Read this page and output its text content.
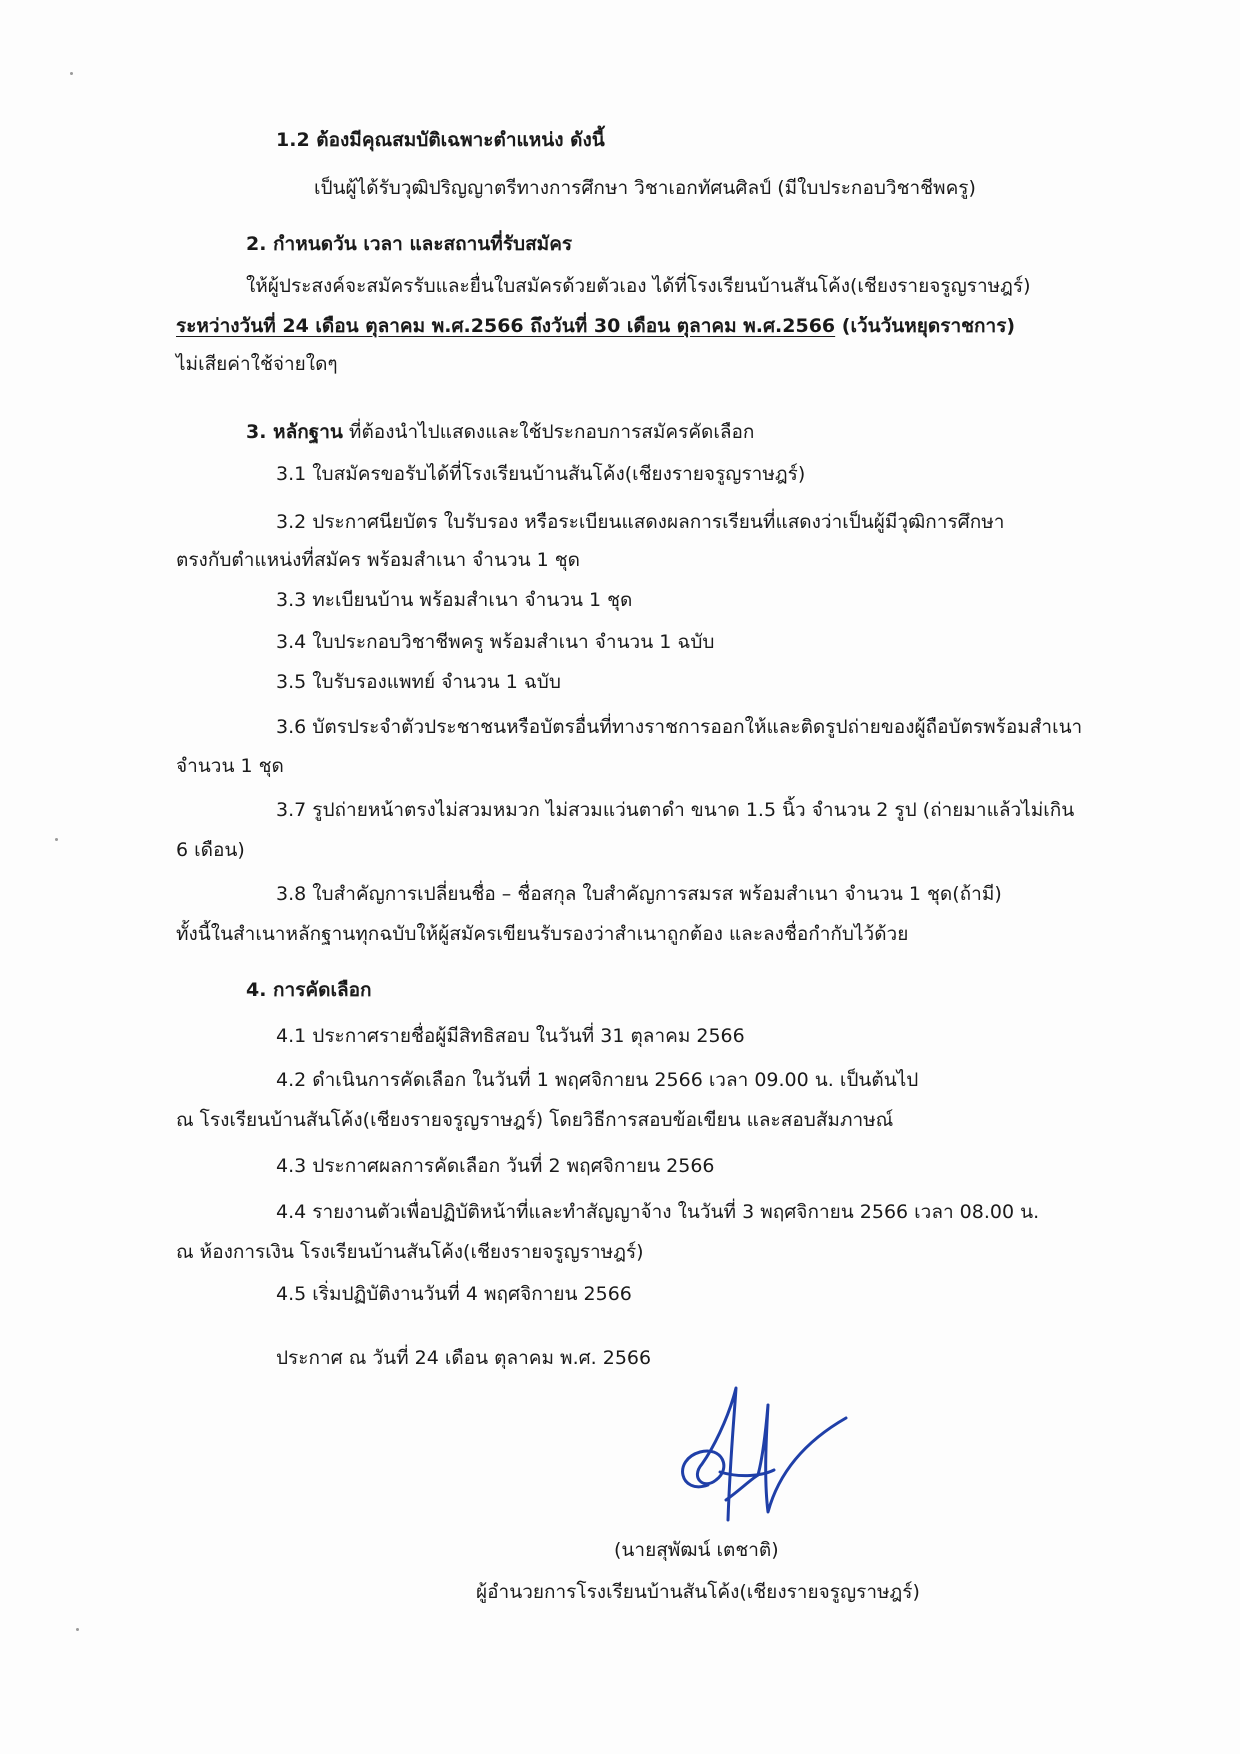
1.2 ต้องมีคุณสมบัติเฉพาะตำแหน่ง ดังนี้
เป็นผู้ได้รับวุฒิปริญญาตรีทางการศึกษา วิชาเอกทัศนศิลป์ (มีใบประกอบวิชาชีพครู)
2. กำหนดวัน เวลา และสถานที่รับสมัคร
ให้ผู้ประสงค์จะสมัครรับและยื่นใบสมัครด้วยตัวเอง ได้ที่โรงเรียนบ้านสันโค้ง(เชียงรายจรูญราษฎร์)
ระหว่างวันที่ 24 เดือน ตุลาคม พ.ศ.2566 ถึงวันที่ 30 เดือน ตุลาคม พ.ศ.2566 (เว้นวันหยุดราชการ)
ไม่เสียค่าใช้จ่ายใดๆ
3. หลักฐาน ที่ต้องนำไปแสดงและใช้ประกอบการสมัครคัดเลือก
3.1 ใบสมัครขอรับได้ที่โรงเรียนบ้านสันโค้ง(เชียงรายจรูญราษฎร์)
3.2 ประกาศนียบัตร ใบรับรอง หรือระเบียนแสดงผลการเรียนที่แสดงว่าเป็นผู้มีวุฒิการศึกษา
ตรงกับตำแหน่งที่สมัคร พร้อมสำเนา จำนวน 1 ชุด
3.3 ทะเบียนบ้าน พร้อมสำเนา จำนวน 1 ชุด
3.4 ใบประกอบวิชาชีพครู พร้อมสำเนา จำนวน 1 ฉบับ
3.5 ใบรับรองแพทย์ จำนวน 1 ฉบับ
3.6 บัตรประจำตัวประชาชนหรือบัตรอื่นที่ทางราชการออกให้และติดรูปถ่ายของผู้ถือบัตรพร้อมสำเนา
จำนวน 1 ชุด
3.7 รูปถ่ายหน้าตรงไม่สวมหมวก ไม่สวมแว่นตาดำ ขนาด 1.5 นิ้ว จำนวน 2 รูป (ถ่ายมาแล้วไม่เกิน
6 เดือน)
3.8 ใบสำคัญการเปลี่ยนชื่อ – ชื่อสกุล ใบสำคัญการสมรส พร้อมสำเนา จำนวน 1 ชุด(ถ้ามี)
ทั้งนี้ในสำเนาหลักฐานทุกฉบับให้ผู้สมัครเขียนรับรองว่าสำเนาถูกต้อง และลงชื่อกำกับไว้ด้วย
4. การคัดเลือก
4.1 ประกาศรายชื่อผู้มีสิทธิสอบ ในวันที่ 31 ตุลาคม 2566
4.2 ดำเนินการคัดเลือก ในวันที่ 1 พฤศจิกายน 2566 เวลา 09.00 น. เป็นต้นไป
ณ โรงเรียนบ้านสันโค้ง(เชียงรายจรูญราษฎร์) โดยวิธีการสอบข้อเขียน และสอบสัมภาษณ์
4.3 ประกาศผลการคัดเลือก วันที่ 2 พฤศจิกายน 2566
4.4 รายงานตัวเพื่อปฏิบัติหน้าที่และทำสัญญาจ้าง ในวันที่ 3 พฤศจิกายน 2566 เวลา 08.00 น.
ณ ห้องการเงิน โรงเรียนบ้านสันโค้ง(เชียงรายจรูญราษฎร์)
4.5 เริ่มปฏิบัติงานวันที่ 4 พฤศจิกายน 2566
ประกาศ ณ วันที่ 24 เดือน ตุลาคม พ.ศ. 2566
(นายสุพัฒน์ เตชาติ)
ผู้อำนวยการโรงเรียนบ้านสันโค้ง(เชียงรายจรูญราษฎร์)
